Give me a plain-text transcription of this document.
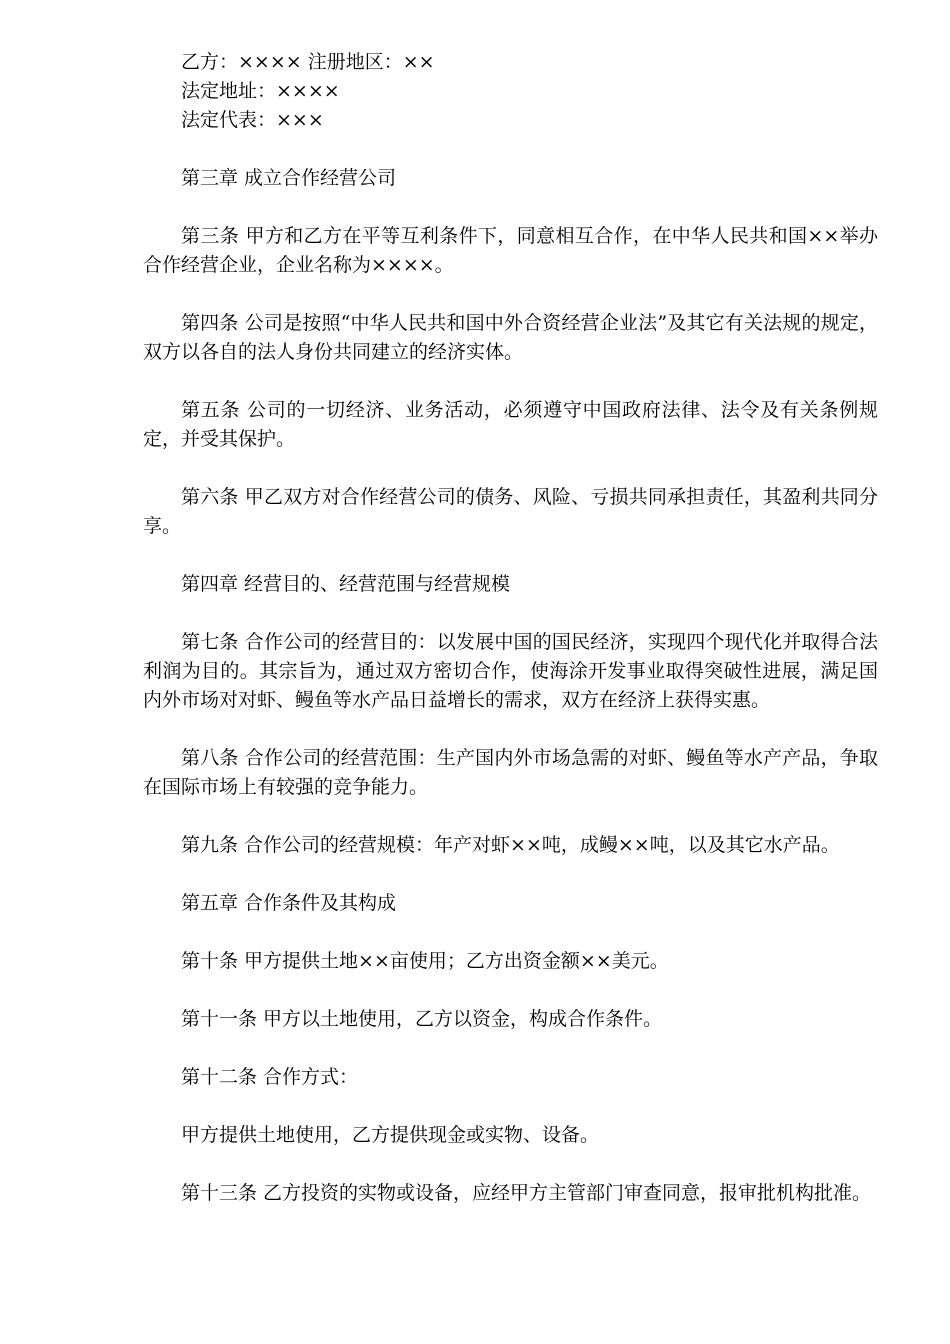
乙方：×××× 注册地区：××
法定地址：××××
法定代表：×××
第三章 成立合作经营公司

第三条 甲方和乙方在平等互利条件下，同意相互合作，在中华人民共和国××举办合作经营企业，企业名称为××××。

第四条 公司是按照“中华人民共和国中外合资经营企业法”及其它有关法规的规定，双方以各自的法人身份共同建立的经济实体。

第五条 公司的一切经济、业务活动，必须遵守中国政府法律、法令及有关条例规定，并受其保护。

第六条 甲乙双方对合作经营公司的债务、风险、亏损共同承担责任，其盈利共同分享。

第四章 经营目的、经营范围与经营规模

第七条 合作公司的经营目的：以发展中国的国民经济，实现四个现代化并取得合法利润为目的。其宗旨为，通过双方密切合作，使海涂开发事业取得突破性进展，满足国内外市场对对虾、鳗鱼等水产品日益增长的需求，双方在经济上获得实惠。

第八条 合作公司的经营范围：生产国内外市场急需的对虾、鳗鱼等水产产品，争取在国际市场上有较强的竞争能力。

第九条 合作公司的经营规模：年产对虾××吨，成鳗××吨，以及其它水产品。
第五章 合作条件及其构成
第十条 甲方提供土地××亩使用；乙方出资金额××美元。
第十一条 甲方以土地使用，乙方以资金，构成合作条件。
第十二条 合作方式：
甲方提供土地使用，乙方提供现金或实物、设备。
第十三条 乙方投资的实物或设备，应经甲方主管部门审查同意，报审批机构批准。
